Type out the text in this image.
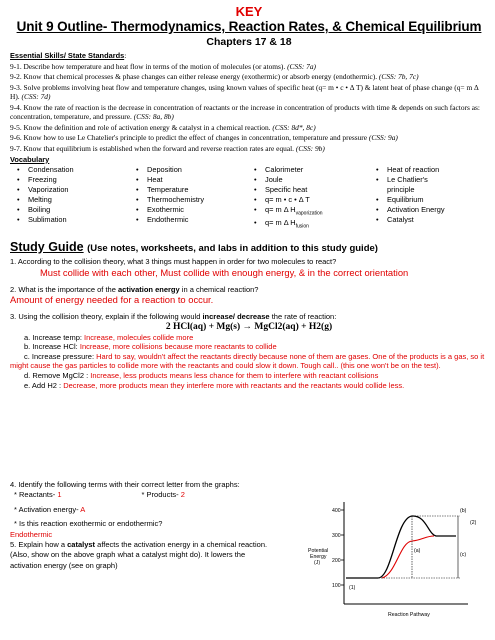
KEY
Unit 9 Outline- Thermodynamics, Reaction Rates, & Chemical Equilibrium
Chapters 17 & 18

Essential Skills/ State Standards:

9-1. Describe how temperature and heat flow in terms of the motion of molecules (or atoms). (CSS: 7a)

9-2. Know that chemical processes & phase changes can either release energy (exothermic) or absorb energy (endothermic). (CSS: 7b, 7c)

9-3. Solve problems involving heat flow and temperature changes, using known values of specific heat (q= m • c • Δ T) & latent heat of phase change (q= m Δ H). (CSS: 7d)

9-4. Know the rate of reaction is the decrease in concentration of reactants or the increase in concentration of products with time & depends on such factors as: concentration, temperature, and pressure. (CSS: 8a, 8b)

9-5. Know the definition and role of activation energy & catalyst in a chemical reaction. (CSS: 8d*, 8c)

9-6. Know how to use Le Chatelier's principle to predict the effect of changes in concentration, temperature and pressure (CSS: 9a)

9-7. Know that equilibrium is established when the forward and reverse reaction rates are equal. (CSS: 9b)

Vocabulary
• Condensation
• Freezing
• Vaporization
• Melting
• Boiling
• Sublimation
• Deposition
• Heat
• Temperature
• Thermochemistry
• Exothermic
• Endothermic
• Calorimeter
• Joule
• Specific heat
• q= m • c • Δ T
• q= m Δ $H_{vaporization}$
• q= m Δ $H_{fusion}$
• Heat of reaction
• Le Chatlier's
principle
• Equilibrium
• Activation Energy
• Catalyst
Study Guide (Use notes, worksheets, and labs in addition to this study guide)
1. According to the collision theory, what 3 things must happen in order for two molecules to react?
Must collide with each other, Must collide with enough energy, & in the correct orientation
2. What is the importance of the activation energy in a chemical reaction?
Amount of energy needed for a reaction to occur.
3. Using the collision theory, explain if the following would increase/ decrease the rate of reaction:
2 HCl(aq) + Mg(s) → MgCl2(aq) + H2(g)
a. Increase temp: Increase, molecules collide more
b. Increase HCl: Increase, more collisions because more reactants to collide
c. Increase pressure: Hard to say, wouldn't affect the reactants directly because none of them are gases. One of the products is a gas, so it might cause the gas particles to collide more with the reactants and could slow it down. Tough call.. (this one won't be on the test).
d. Remove MgCl2 : Increase, less products means less chance for them to interfere with reactant collisions
e. Add H2 : Decrease, more products mean they interfere more with reactants and the reactants would collide less.
4. Identify the following terms with their correct letter from the graphs:
* Reactants- 1	* Products- 2
* Activation energy- A
* Is this reaction exothermic or endothermic?
Endothermic
5. Explain how a catalyst affects the activation energy in a chemical reaction. (Also, show on the above graph what a catalyst might do). It lowers the activation energy (see on graph)
Potential
Energy
(J)
400
300
200
100 (1)
(a)
(b)
(2)
(c)
Reaction Pathway
